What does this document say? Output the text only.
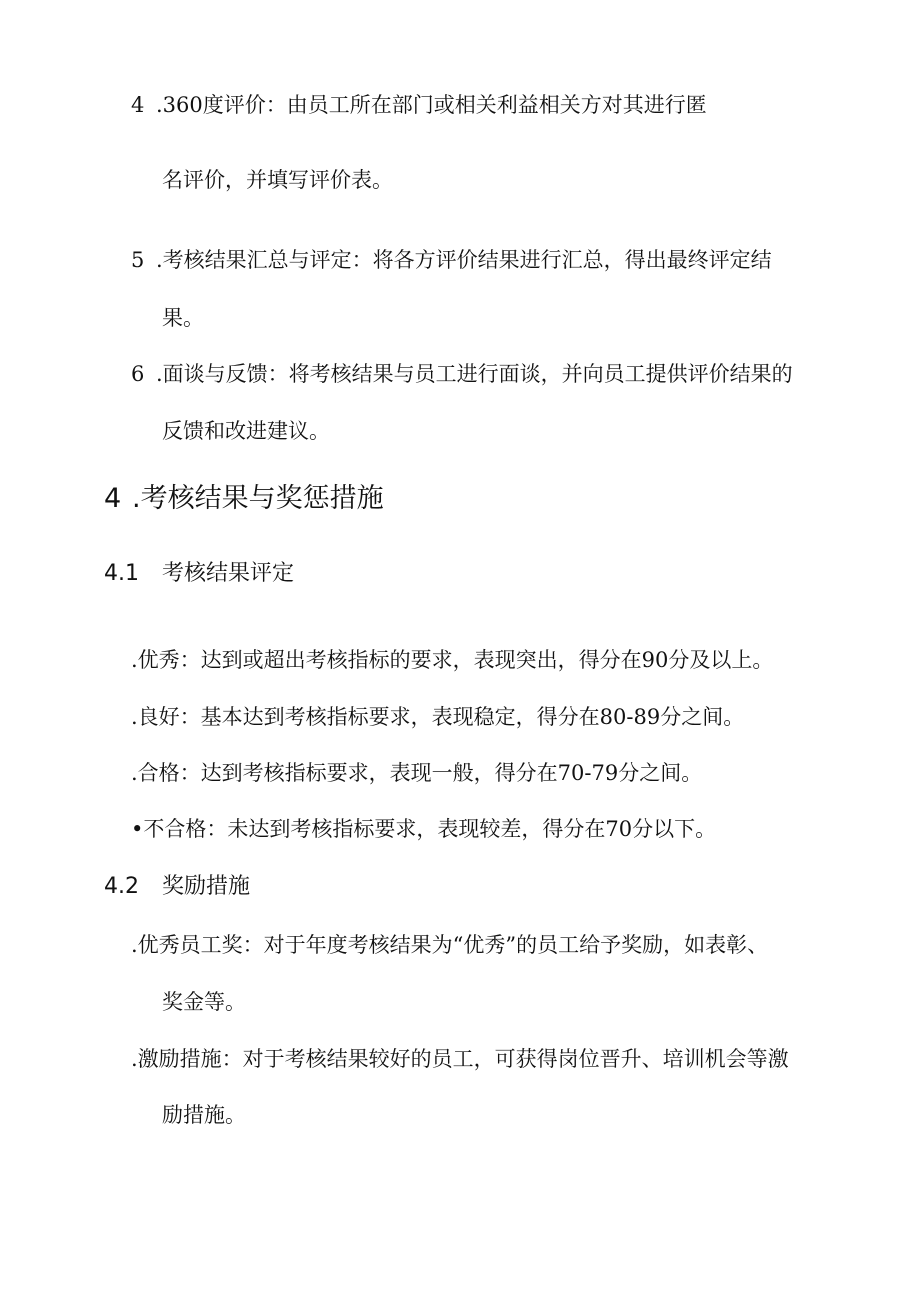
4 .360度评价：由员工所在部门或相关利益相关方对其进行匿
名评价，并填写评价表。
5 .考核结果汇总与评定：将各方评价结果进行汇总，得出最终评定结
果。
6 .面谈与反馈：将考核结果与员工进行面谈，并向员工提供评价结果的
反馈和改进建议。
4 .考核结果与奖惩措施
4.1 考核结果评定
.优秀：达到或超出考核指标的要求，表现突出，得分在90分及以上。
.良好：基本达到考核指标要求，表现稳定，得分在80-89分之间。
.合格：达到考核指标要求，表现一般，得分在70-79分之间。
•不合格：未达到考核指标要求，表现较差，得分在70分以下。
4.2 奖励措施
.优秀员工奖：对于年度考核结果为“优秀”的员工给予奖励，如表彰、
奖金等。
.激励措施：对于考核结果较好的员工，可获得岗位晋升、培训机会等激
励措施。
